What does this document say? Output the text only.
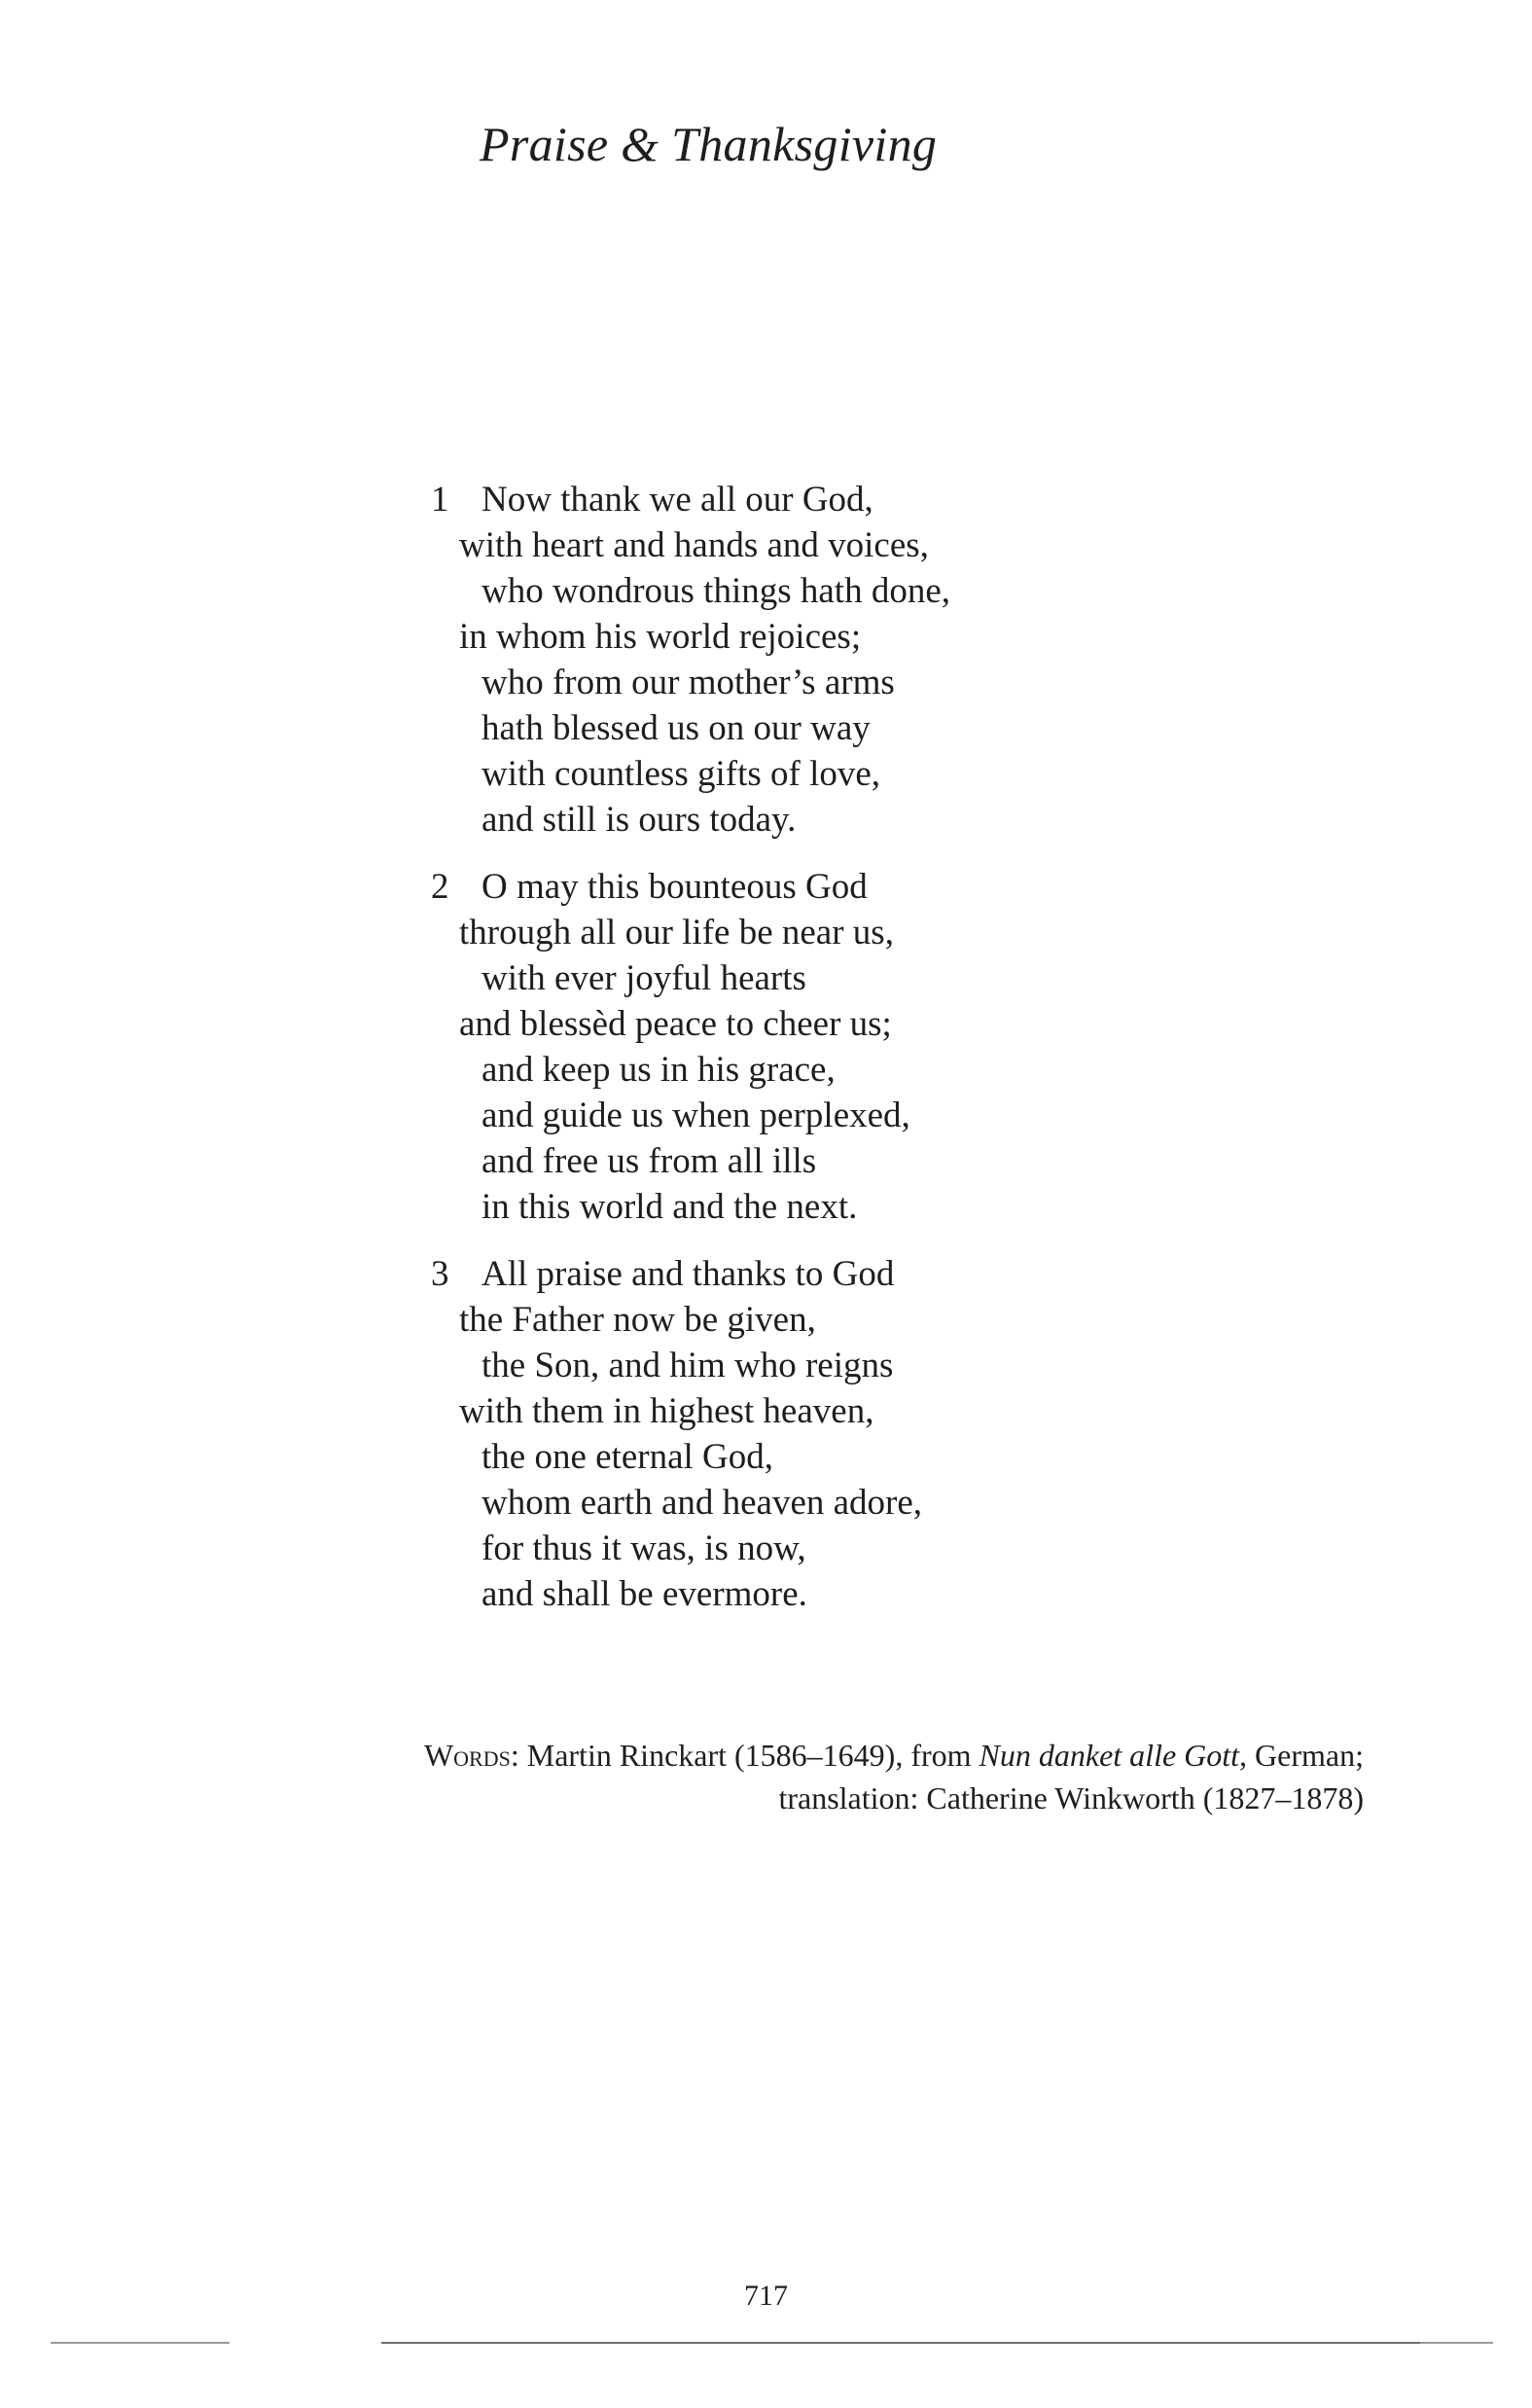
Praise & Thanksgiving
1 Now thank we all our God,
with heart and hands and voices,
who wondrous things hath done,
in whom his world rejoices;
who from our mother’s arms
hath blessed us on our way
with countless gifts of love,
and still is ours today.
2 O may this bounteous God
through all our life be near us,
with ever joyful hearts
and blessèd peace to cheer us;
and keep us in his grace,
and guide us when perplexed,
and free us from all ills
in this world and the next.
3 All praise and thanks to God
the Father now be given,
the Son, and him who reigns
with them in highest heaven,
the one eternal God,
whom earth and heaven adore,
for thus it was, is now,
and shall be evermore.
Words: Martin Rinckart (1586–1649), from Nun danket alle Gott, German;
translation: Catherine Winkworth (1827–1878)
717
